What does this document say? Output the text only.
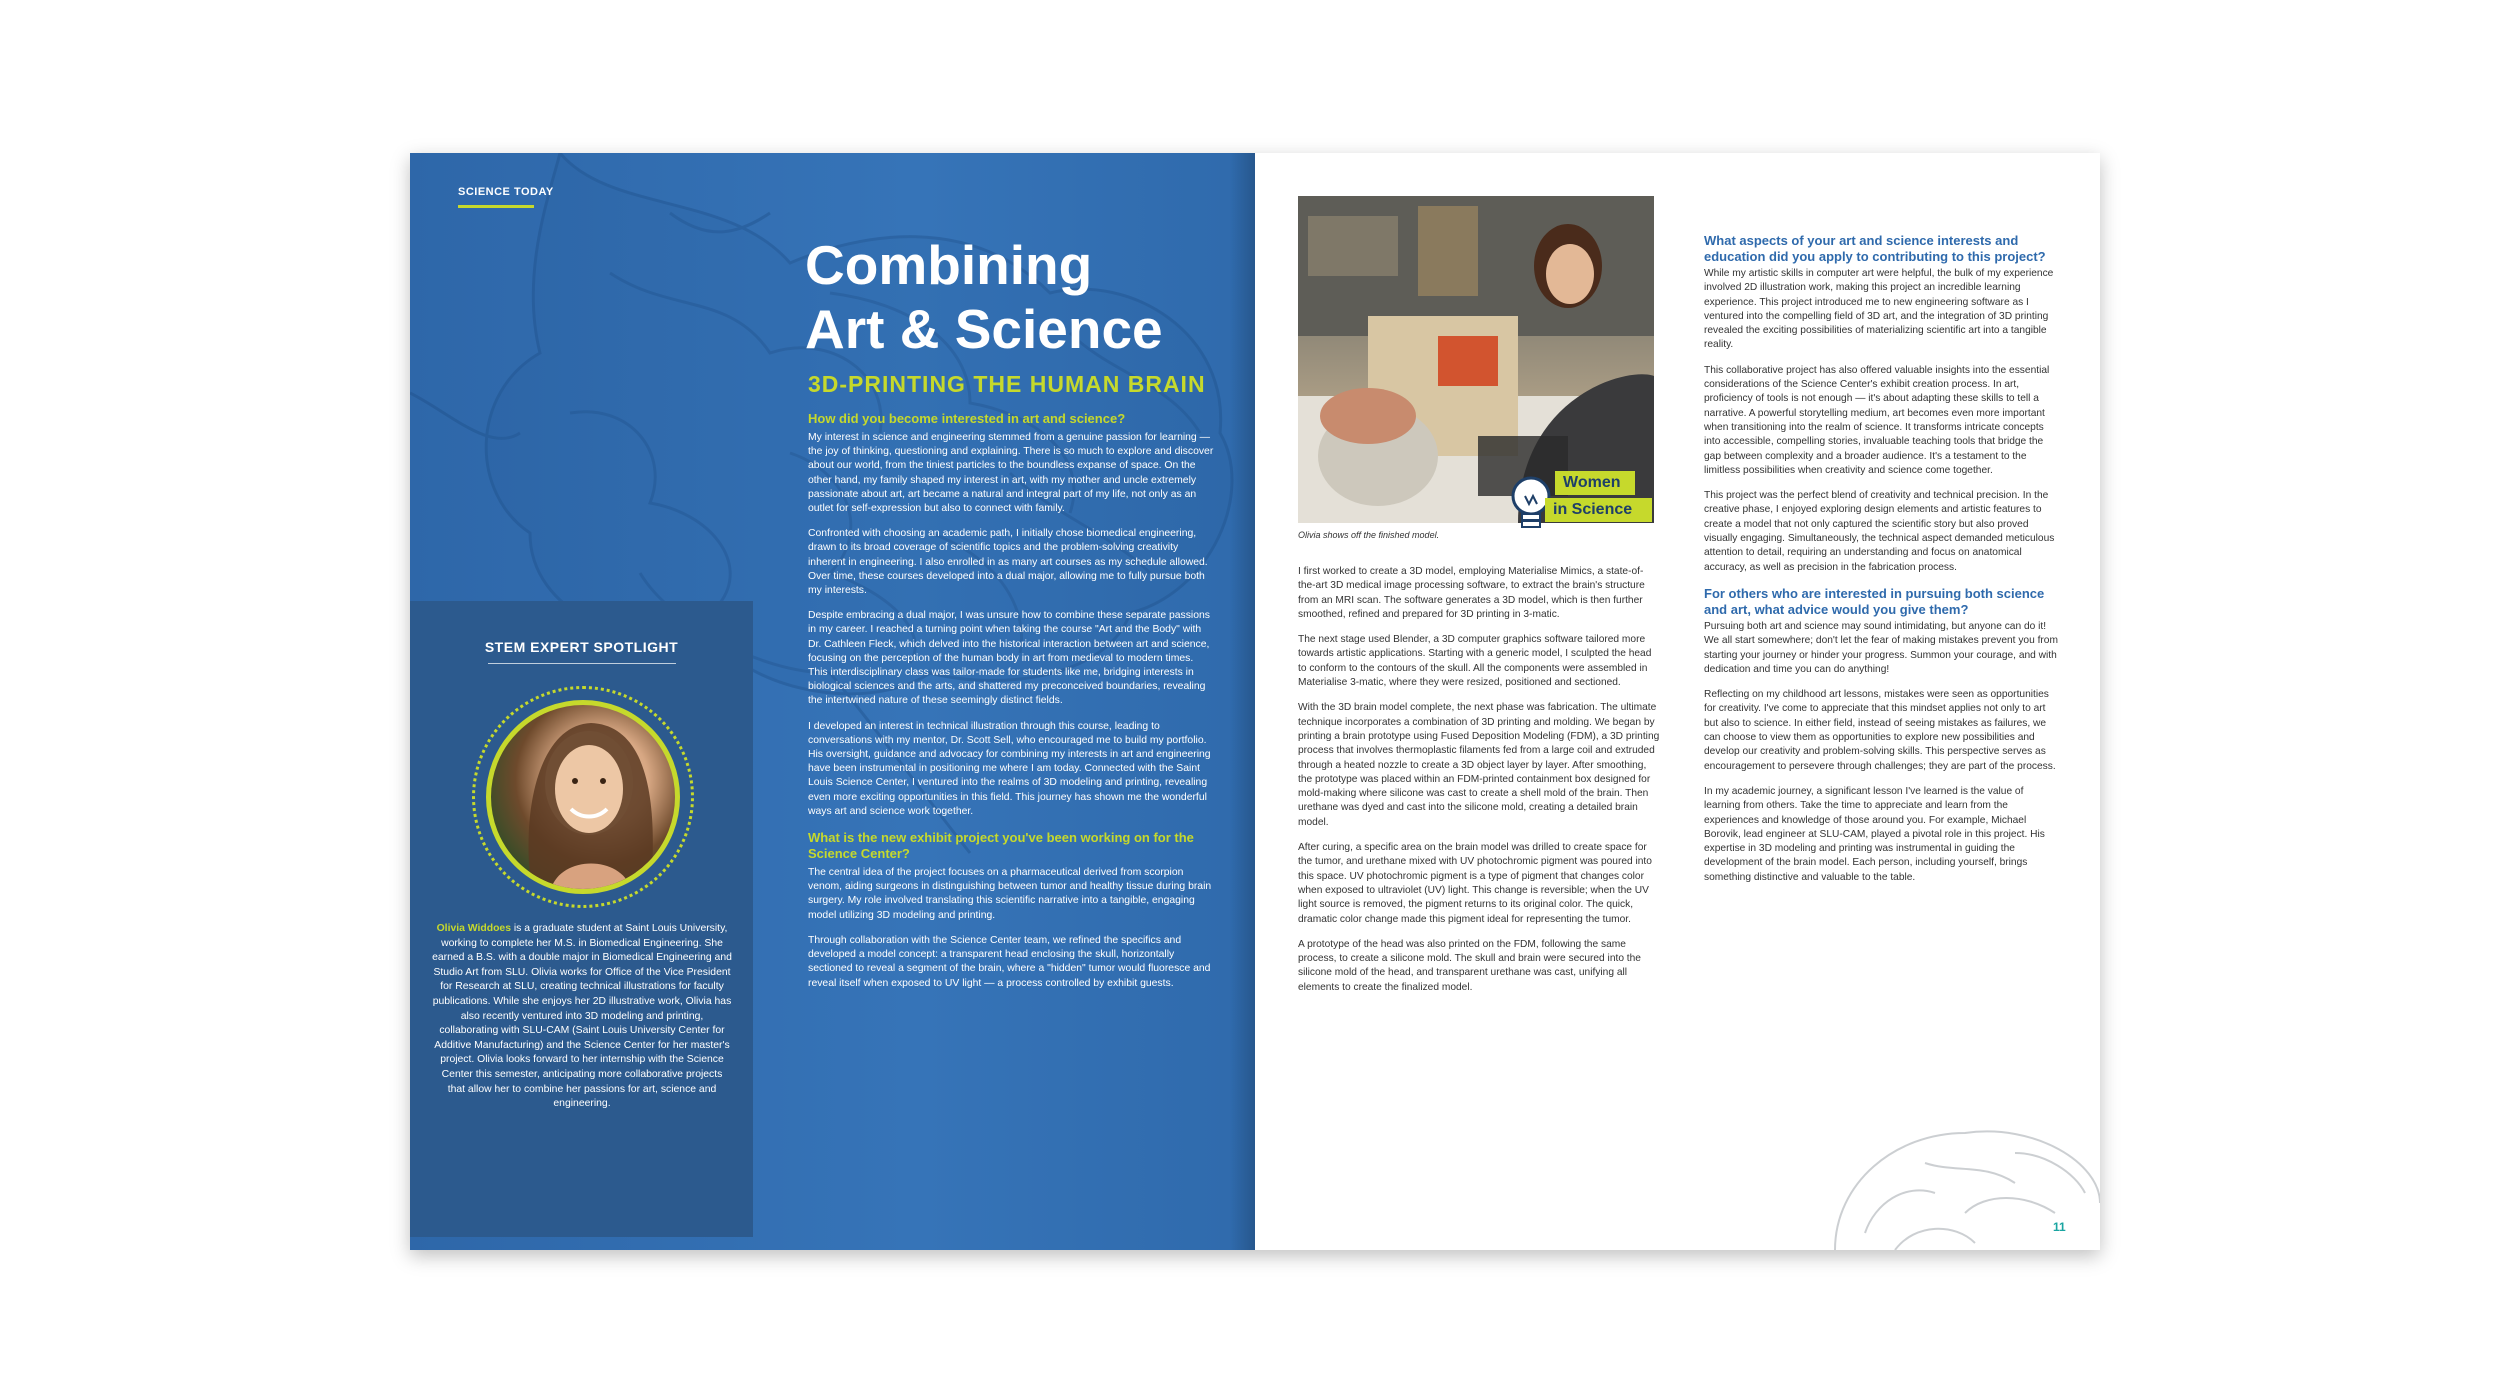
SCIENCE TODAY
Combining
Art & Science
3D-PRINTING THE HUMAN BRAIN
How did you become interested in art and science?

My interest in science and engineering stemmed from a genuine passion for learning — the joy of thinking, questioning and explaining. There is so much to explore and discover about our world, from the tiniest particles to the boundless expanse of space. On the other hand, my family shaped my interest in art, with my mother and uncle extremely passionate about art, art became a natural and integral part of my life, not only as an outlet for self-expression but also to connect with family.

Confronted with choosing an academic path, I initially chose biomedical engineering, drawn to its broad coverage of scientific topics and the problem-solving creativity inherent in engineering. I also enrolled in as many art courses as my schedule allowed. Over time, these courses developed into a dual major, allowing me to fully pursue both my interests.

Despite embracing a dual major, I was unsure how to combine these separate passions in my career. I reached a turning point when taking the course "Art and the Body" with Dr. Cathleen Fleck, which delved into the historical interaction between art and science, focusing on the perception of the human body in art from medieval to modern times. This interdisciplinary class was tailor-made for students like me, bridging interests in biological sciences and the arts, and shattered my preconceived boundaries, revealing the intertwined nature of these seemingly distinct fields.

I developed an interest in technical illustration through this course, leading to conversations with my mentor, Dr. Scott Sell, who encouraged me to build my portfolio. His oversight, guidance and advocacy for combining my interests in art and engineering have been instrumental in positioning me where I am today. Connected with the Saint Louis Science Center, I ventured into the realms of 3D modeling and printing, revealing even more exciting opportunities in this field. This journey has shown me the wonderful ways art and science work together.

What is the new exhibit project you've been working on for the Science Center?

The central idea of the project focuses on a pharmaceutical derived from scorpion venom, aiding surgeons in distinguishing between tumor and healthy tissue during brain surgery. My role involved translating this scientific narrative into a tangible, engaging model utilizing 3D modeling and printing.

Through collaboration with the Science Center team, we refined the specifics and developed a model concept: a transparent head enclosing the skull, horizontally sectioned to reveal a segment of the brain, where a "hidden" tumor would fluoresce and reveal itself when exposed to UV light — a process controlled by exhibit guests.

STEM EXPERT SPOTLIGHT
Olivia Widdoes is a graduate student at Saint Louis University, working to complete her M.S. in Biomedical Engineering. She earned a B.S. with a double major in Biomedical Engineering and Studio Art from SLU. Olivia works for Office of the Vice President for Research at SLU, creating technical illustrations for faculty publications. While she enjoys her 2D illustrative work, Olivia has also recently ventured into 3D modeling and printing, collaborating with SLU-CAM (Saint Louis University Center for Additive Manufacturing) and the Science Center for her master's project. Olivia looks forward to her internship with the Science Center this semester, anticipating more collaborative projects that allow her to combine her passions for art, science and engineering.
Women
in Science
Olivia shows off the finished model.

I first worked to create a 3D model, employing Materialise Mimics, a state-of-the-art 3D medical image processing software, to extract the brain's structure from an MRI scan. The software generates a 3D model, which is then further smoothed, refined and prepared for 3D printing in 3-matic.

The next stage used Blender, a 3D computer graphics software tailored more towards artistic applications. Starting with a generic model, I sculpted the head to conform to the contours of the skull. All the components were assembled in Materialise 3-matic, where they were resized, positioned and sectioned.

With the 3D brain model complete, the next phase was fabrication. The ultimate technique incorporates a combination of 3D printing and molding. We began by printing a brain prototype using Fused Deposition Modeling (FDM), a 3D printing process that involves thermoplastic filaments fed from a large coil and extruded through a heated nozzle to create a 3D object layer by layer. After smoothing, the prototype was placed within an FDM-printed containment box designed for mold-making where silicone was cast to create a shell mold of the brain. Then urethane was dyed and cast into the silicone mold, creating a detailed brain model.

After curing, a specific area on the brain model was drilled to create space for the tumor, and urethane mixed with UV photochromic pigment was poured into this space. UV photochromic pigment is a type of pigment that changes color when exposed to ultraviolet (UV) light. This change is reversible; when the UV light source is removed, the pigment returns to its original color. The quick, dramatic color change made this pigment ideal for representing the tumor.

A prototype of the head was also printed on the FDM, following the same process, to create a silicone mold. The skull and brain were secured into the silicone mold of the head, and transparent urethane was cast, unifying all elements to create the finalized model.

What aspects of your art and science interests and education did you apply to contributing to this project?

While my artistic skills in computer art were helpful, the bulk of my experience involved 2D illustration work, making this project an incredible learning experience. This project introduced me to new engineering software as I ventured into the compelling field of 3D art, and the integration of 3D printing revealed the exciting possibilities of materializing scientific art into a tangible reality.

This collaborative project has also offered valuable insights into the essential considerations of the Science Center's exhibit creation process. In art, proficiency of tools is not enough — it's about adapting these skills to tell a narrative. A powerful storytelling medium, art becomes even more important when transitioning into the realm of science. It transforms intricate concepts into accessible, compelling stories, invaluable teaching tools that bridge the gap between complexity and a broader audience. It's a testament to the limitless possibilities when creativity and science come together.

This project was the perfect blend of creativity and technical precision. In the creative phase, I enjoyed exploring design elements and artistic features to create a model that not only captured the scientific story but also proved visually engaging. Simultaneously, the technical aspect demanded meticulous attention to detail, requiring an understanding and focus on anatomical accuracy, as well as precision in the fabrication process.

For others who are interested in pursuing both science and art, what advice would you give them?

Pursuing both art and science may sound intimidating, but anyone can do it! We all start somewhere; don't let the fear of making mistakes prevent you from starting your journey or hinder your progress. Summon your courage, and with dedication and time you can do anything!

Reflecting on my childhood art lessons, mistakes were seen as opportunities for creativity. I've come to appreciate that this mindset applies not only to art but also to science. In either field, instead of seeing mistakes as failures, we can choose to view them as opportunities to explore new possibilities and develop our creativity and problem-solving skills. This perspective serves as encouragement to persevere through challenges; they are part of the process.

In my academic journey, a significant lesson I've learned is the value of learning from others. Take the time to appreciate and learn from the experiences and knowledge of those around you. For example, Michael Borovik, lead engineer at SLU-CAM, played a pivotal role in this project. His expertise in 3D modeling and printing was instrumental in guiding the development of the brain model. Each person, including yourself, brings something distinctive and valuable to the table.

11
